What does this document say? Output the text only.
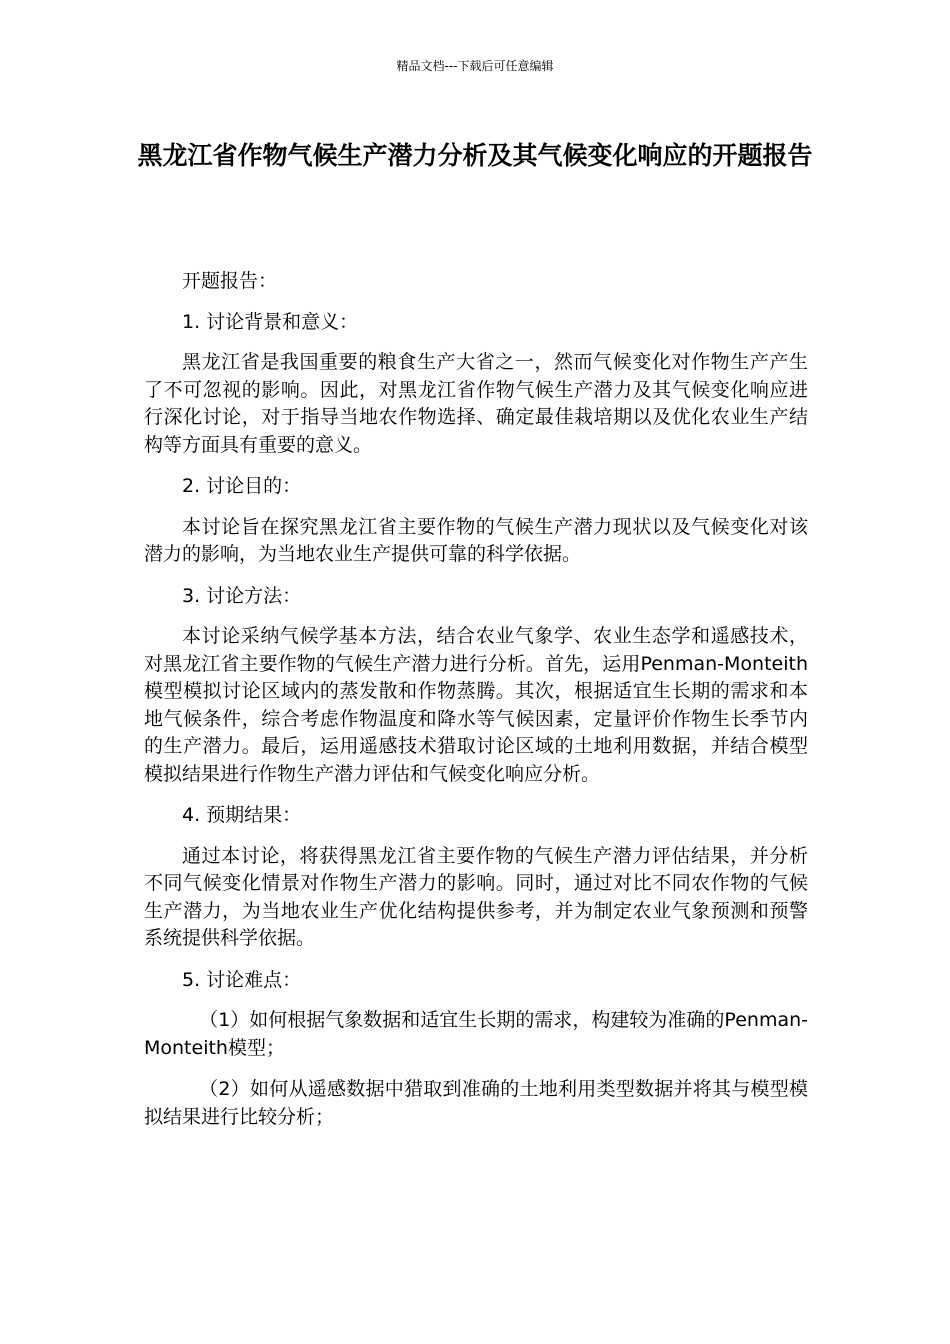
精品文档---下载后可任意编辑
黑龙江省作物气候生产潜力分析及其气候变化响应的开题报告

开题报告：

1. 讨论背景和意义：

黑龙江省是我国重要的粮食生产大省之一，然而气候变化对作物生产产生了不可忽视的影响。因此，对黑龙江省作物气候生产潜力及其气候变化响应进行深化讨论，对于指导当地农作物选择、确定最佳栽培期以及优化农业生产结构等方面具有重要的意义。

2. 讨论目的：

本讨论旨在探究黑龙江省主要作物的气候生产潜力现状以及气候变化对该潜力的影响，为当地农业生产提供可靠的科学依据。

3. 讨论方法：

本讨论采纳气候学基本方法，结合农业气象学、农业生态学和遥感技术，对黑龙江省主要作物的气候生产潜力进行分析。首先，运用Penman-Monteith模型模拟讨论区域内的蒸发散和作物蒸腾。其次，根据适宜生长期的需求和本地气候条件，综合考虑作物温度和降水等气候因素，定量评价作物生长季节内的生产潜力。最后，运用遥感技术猎取讨论区域的土地利用数据，并结合模型模拟结果进行作物生产潜力评估和气候变化响应分析。

4. 预期结果：

通过本讨论，将获得黑龙江省主要作物的气候生产潜力评估结果，并分析不同气候变化情景对作物生产潜力的影响。同时，通过对比不同农作物的气候生产潜力，为当地农业生产优化结构提供参考，并为制定农业气象预测和预警系统提供科学依据。

5. 讨论难点：

（1）如何根据气象数据和适宜生长期的需求，构建较为准确的Penman-Monteith模型；

（2）如何从遥感数据中猎取到准确的土地利用类型数据并将其与模型模拟结果进行比较分析；
